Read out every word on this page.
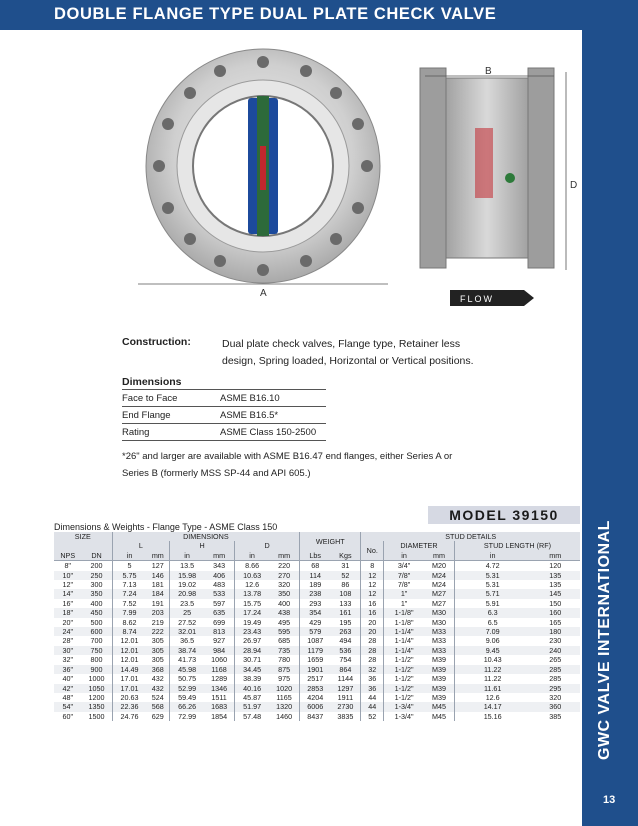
DOUBLE FLANGE TYPE DUAL PLATE CHECK VALVE
GWC VALVE INTERNATIONAL
13
A
B
D
FLOW
Construction:	Dual plate check valves, Flange type, Retainer less design, Spring loaded, Horizontal or Vertical positions.
Dimensions
Face to Face	ASME B16.10
End Flange	ASME B16.5*
Rating	ASME Class 150-2500
*26" and larger are available with ASME B16.47 end flanges, either Series A or Series B (formerly MSS SP-44 and API 605.)
MODEL 39150
Dimensions & Weights - Flange Type - ASME Class 150
SIZE		DIMENSIONS						WEIGHT		STUD DETAILS				
		L		H		D				No.	DIAMETER		STUD LENGTH (RF)	
NPS	DN	in	mm	in	mm	in	mm	Lbs	Kgs		in	mm	in	mm
8"	200	5	127	13.5	343	8.66	220	68	31	8	3/4"	M20	4.72	120
10"	250	5.75	146	15.98	406	10.63	270	114	52	12	7/8"	M24	5.31	135
12"	300	7.13	181	19.02	483	12.6	320	189	86	12	7/8"	M24	5.31	135
14"	350	7.24	184	20.98	533	13.78	350	238	108	12	1"	M27	5.71	145
16"	400	7.52	191	23.5	597	15.75	400	293	133	16	1"	M27	5.91	150
18"	450	7.99	203	25	635	17.24	438	354	161	16	1-1/8"	M30	6.3	160
20"	500	8.62	219	27.52	699	19.49	495	429	195	20	1-1/8"	M30	6.5	165
24"	600	8.74	222	32.01	813	23.43	595	579	263	20	1-1/4"	M33	7.09	180
28"	700	12.01	305	36.5	927	26.97	685	1087	494	28	1-1/4"	M33	9.06	230
30"	750	12.01	305	38.74	984	28.94	735	1179	536	28	1-1/4"	M33	9.45	240
32"	800	12.01	305	41.73	1060	30.71	780	1659	754	28	1-1/2"	M39	10.43	265
36"	900	14.49	368	45.98	1168	34.45	875	1901	864	32	1-1/2"	M39	11.22	285
40"	1000	17.01	432	50.75	1289	38.39	975	2517	1144	36	1-1/2"	M39	11.22	285
42"	1050	17.01	432	52.99	1346	40.16	1020	2853	1297	36	1-1/2"	M39	11.61	295
48"	1200	20.63	524	59.49	1511	45.87	1165	4204	1911	44	1-1/2"	M39	12.6	320
54"	1350	22.36	568	66.26	1683	51.97	1320	6006	2730	44	1-3/4"	M45	14.17	360
60"	1500	24.76	629	72.99	1854	57.48	1460	8437	3835	52	1-3/4"	M45	15.16	385
